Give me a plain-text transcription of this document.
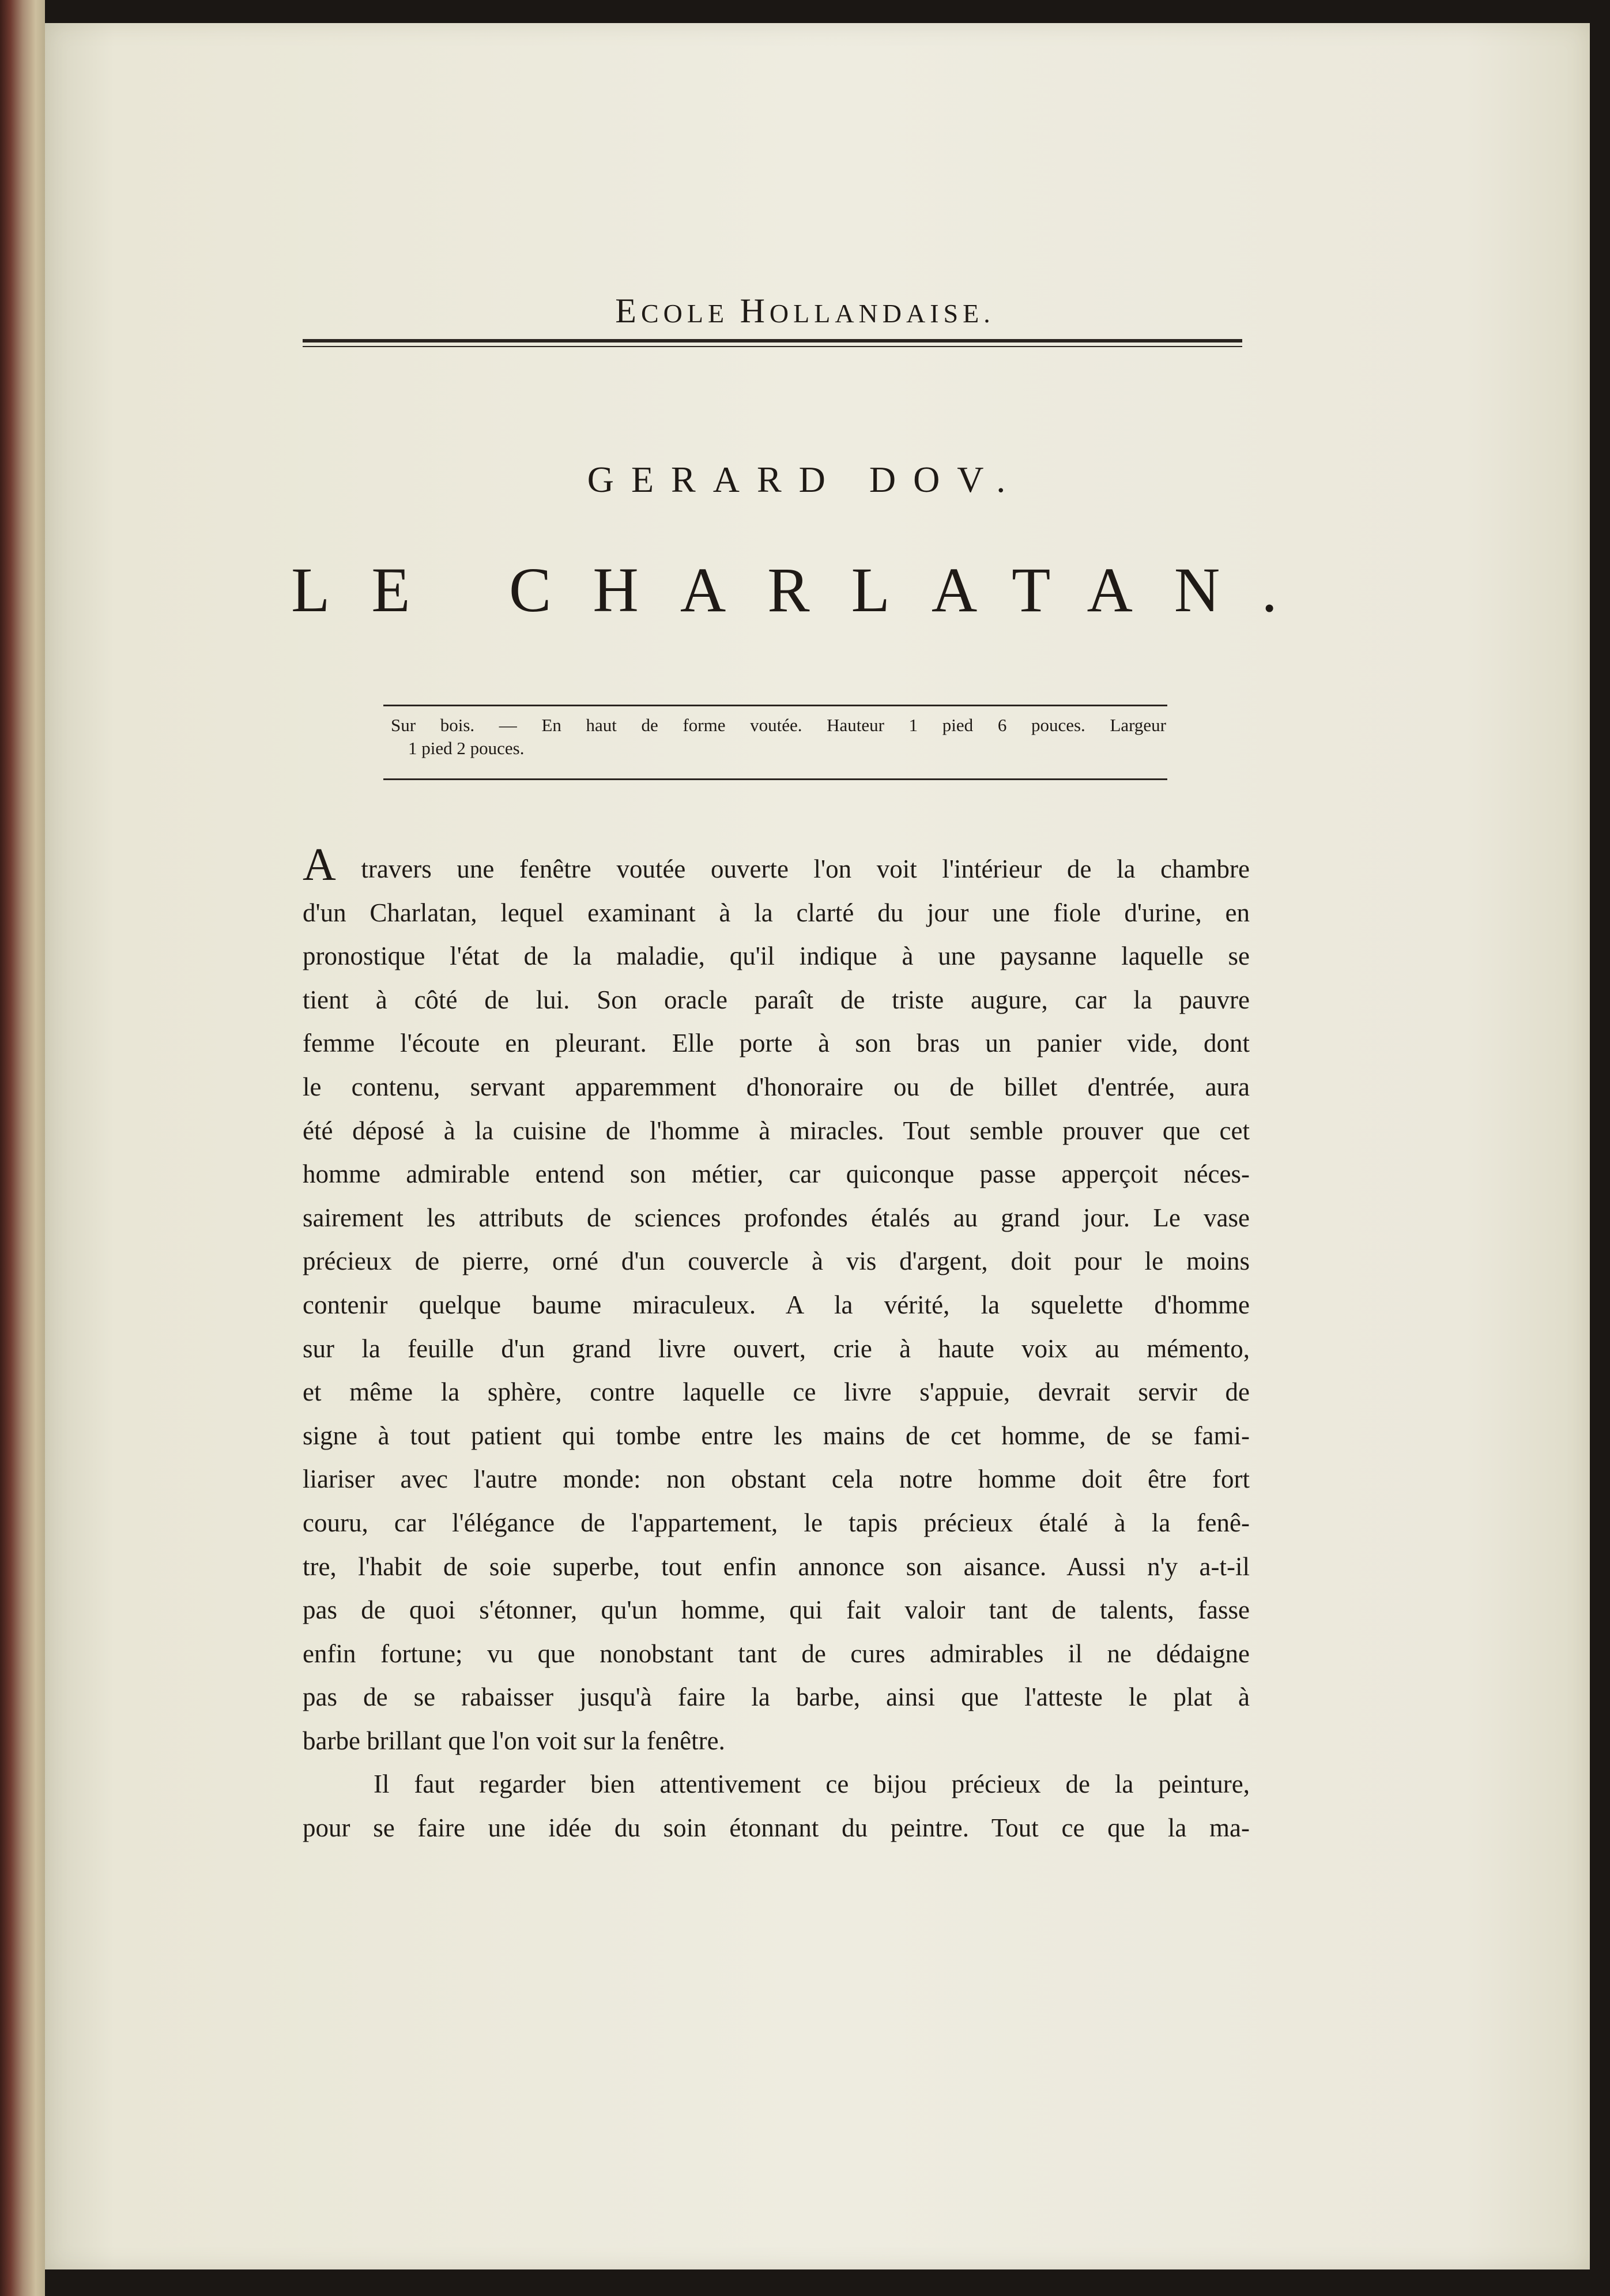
ECOLE HOLLANDAISE.
GERARD DOV.
LE CHARLATAN.
Sur bois. — En haut de forme voutée. Hauteur 1 pied 6 pouces. Largeur
1 pied 2 pouces.
A travers une fenêtre voutée ouverte l'on voit l'intérieur de la chambre
d'un Charlatan, lequel examinant à la clarté du jour une fiole d'urine, en
pronostique l'état de la maladie, qu'il indique à une paysanne laquelle se
tient à côté de lui. Son oracle paraît de triste augure, car la pauvre
femme l'écoute en pleurant. Elle porte à son bras un panier vide, dont
le contenu, servant apparemment d'honoraire ou de billet d'entrée, aura
été déposé à la cuisine de l'homme à miracles. Tout semble prouver que cet
homme admirable entend son métier, car quiconque passe apperçoit néces-
sairement les attributs de sciences profondes étalés au grand jour. Le vase
précieux de pierre, orné d'un couvercle à vis d'argent, doit pour le moins
contenir quelque baume miraculeux. A la vérité, la squelette d'homme
sur la feuille d'un grand livre ouvert, crie à haute voix au mémento,
et même la sphère, contre laquelle ce livre s'appuie, devrait servir de
signe à tout patient qui tombe entre les mains de cet homme, de se fami-
liariser avec l'autre monde: non obstant cela notre homme doit être fort
couru, car l'élégance de l'appartement, le tapis précieux étalé à la fenê-
tre, l'habit de soie superbe, tout enfin annonce son aisance. Aussi n'y a-t-il
pas de quoi s'étonner, qu'un homme, qui fait valoir tant de talents, fasse
enfin fortune; vu que nonobstant tant de cures admirables il ne dédaigne
pas de se rabaisser jusqu'à faire la barbe, ainsi que l'atteste le plat à
barbe brillant que l'on voit sur la fenêtre.
Il faut regarder bien attentivement ce bijou précieux de la peinture,
pour se faire une idée du soin étonnant du peintre. Tout ce que la ma-
